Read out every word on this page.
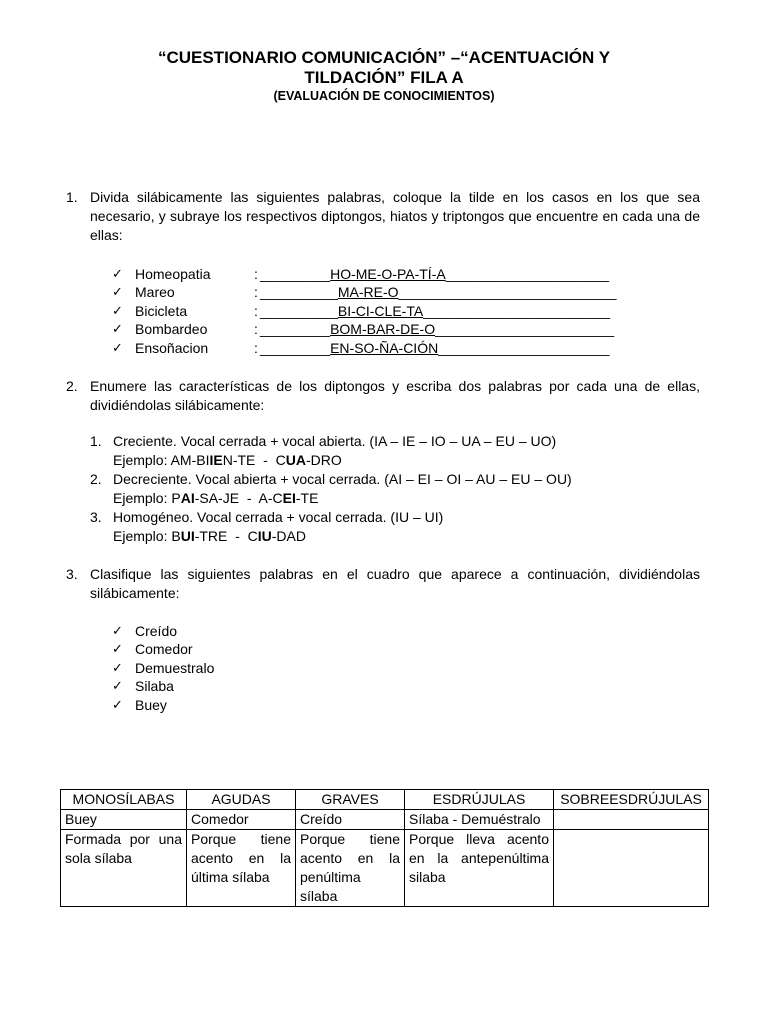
“CUESTIONARIO COMUNICACIÓN” –“ACENTUACIÓN Y
TILDACIÓN” FILA A
(EVALUACIÓN DE CONOCIMIENTOS)
1. Divida silábicamente las siguientes palabras, coloque la tilde en los casos en los que sea necesario, y subraye los respectivos diptongos, hiatos y triptongos que encuentre en cada una de ellas:
✓ Homeopatia	: _________HO-ME-O-PA-TÍ-A_____________________
✓ Mareo	: __________MA-RE-O____________________________
✓ Bicicleta	: __________BI-CI-CLE-TA________________________
✓ Bombardeo	: _________BOM-BAR-DE-O_______________________
✓ Ensoñacion	: _________EN-SO-ÑA-CIÓN______________________
2. Enumere las características de los diptongos y escriba dos palabras por cada una de ellas, dividiéndolas silábicamente:
1. Creciente. Vocal cerrada + vocal abierta. (IA – IE – IO – UA – EU – UO)
Ejemplo: AM-BIIEN-TE  -  CUA-DRO
2. Decreciente. Vocal abierta + vocal cerrada. (AI – EI – OI – AU – EU – OU)
Ejemplo: PAI-SA-JE  -  A-CEI-TE
3. Homogéneo. Vocal cerrada + vocal cerrada. (IU – UI)
Ejemplo: BUI-TRE  -  CIU-DAD
3. Clasifique las siguientes palabras en el cuadro que aparece a continuación, dividiéndolas silábicamente:
✓ Creído
✓ Comedor
✓ Demuestralo
✓ Silaba
✓ Buey
MONOSÍLABAS	AGUDAS	GRAVES	ESDRÚJULAS	SOBREESDRÚJULAS
Buey	Comedor	Creído	Sílaba - Demuéstralo	
Formada por una sola sílaba	Porque tiene acento en la última sílaba	Porque tiene acento en la penúltima sílaba	Porque lleva acento en la antepenúltima silaba	
